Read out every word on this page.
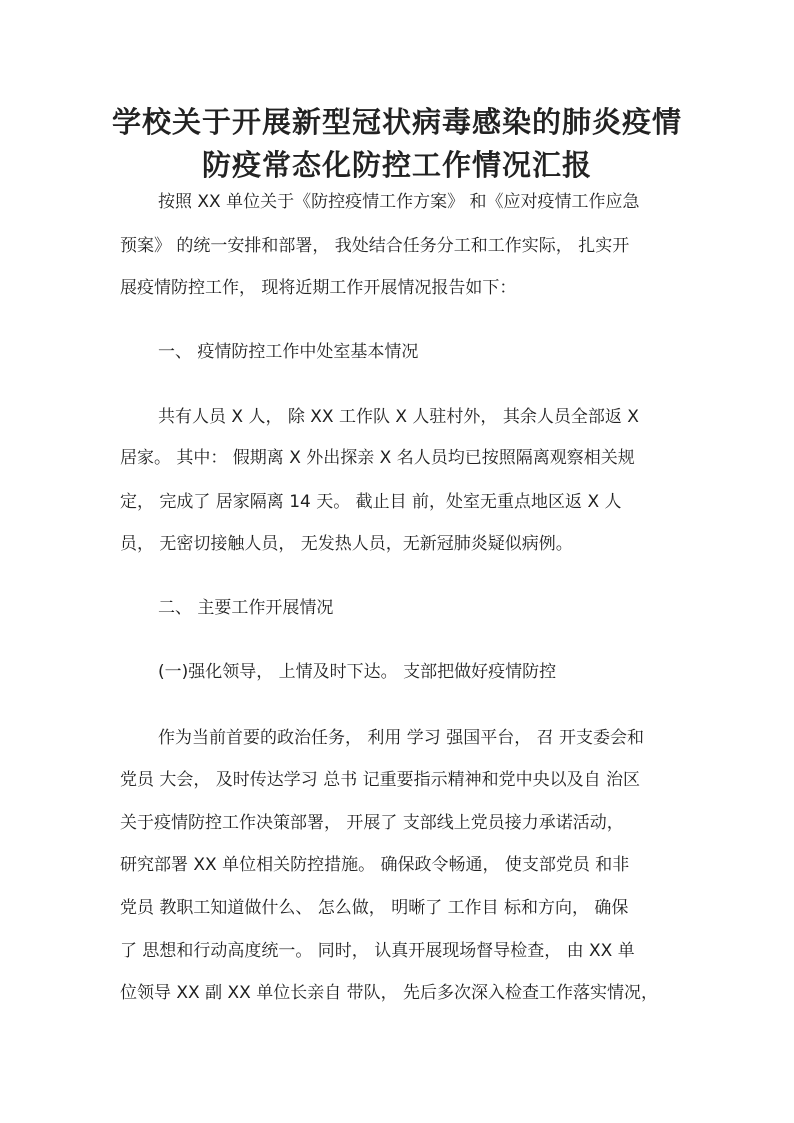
学校关于开展新型冠状病毒感染的肺炎疫情
防疫常态化防控工作情况汇报
按照 XX 单位关于《防控疫情工作方案》 和《应对疫情工作应急
预案》 的统一安排和部署， 我处结合任务分工和工作实际， 扎实开
展疫情防控工作， 现将近期工作开展情况报告如下：
一、 疫情防控工作中处室基本情况
共有人员 X 人， 除 XX 工作队 X 人驻村外， 其余人员全部返 X
居家。 其中： 假期离 X 外出探亲 X 名人员均已按照隔离观察相关规
定， 完成了 居家隔离 14 天。 截止目 前，处室无重点地区返 X 人
员， 无密切接触人员， 无发热人员，无新冠肺炎疑似病例。
二、 主要工作开展情况
(一)强化领导， 上情及时下达。 支部把做好疫情防控
作为当前首要的政治任务， 利用 学习 强国平台， 召 开支委会和
党员 大会， 及时传达学习 总书 记重要指示精神和党中央以及自 治区
关于疫情防控工作决策部署， 开展了 支部线上党员接力承诺活动，
研究部署 XX 单位相关防控措施。 确保政令畅通， 使支部党员 和非
党员 教职工知道做什么、 怎么做， 明晰了 工作目 标和方向， 确保
了 思想和行动高度统一。 同时， 认真开展现场督导检查， 由 XX 单
位领导 XX 副 XX 单位长亲自 带队， 先后多次深入检查工作落实情况，
